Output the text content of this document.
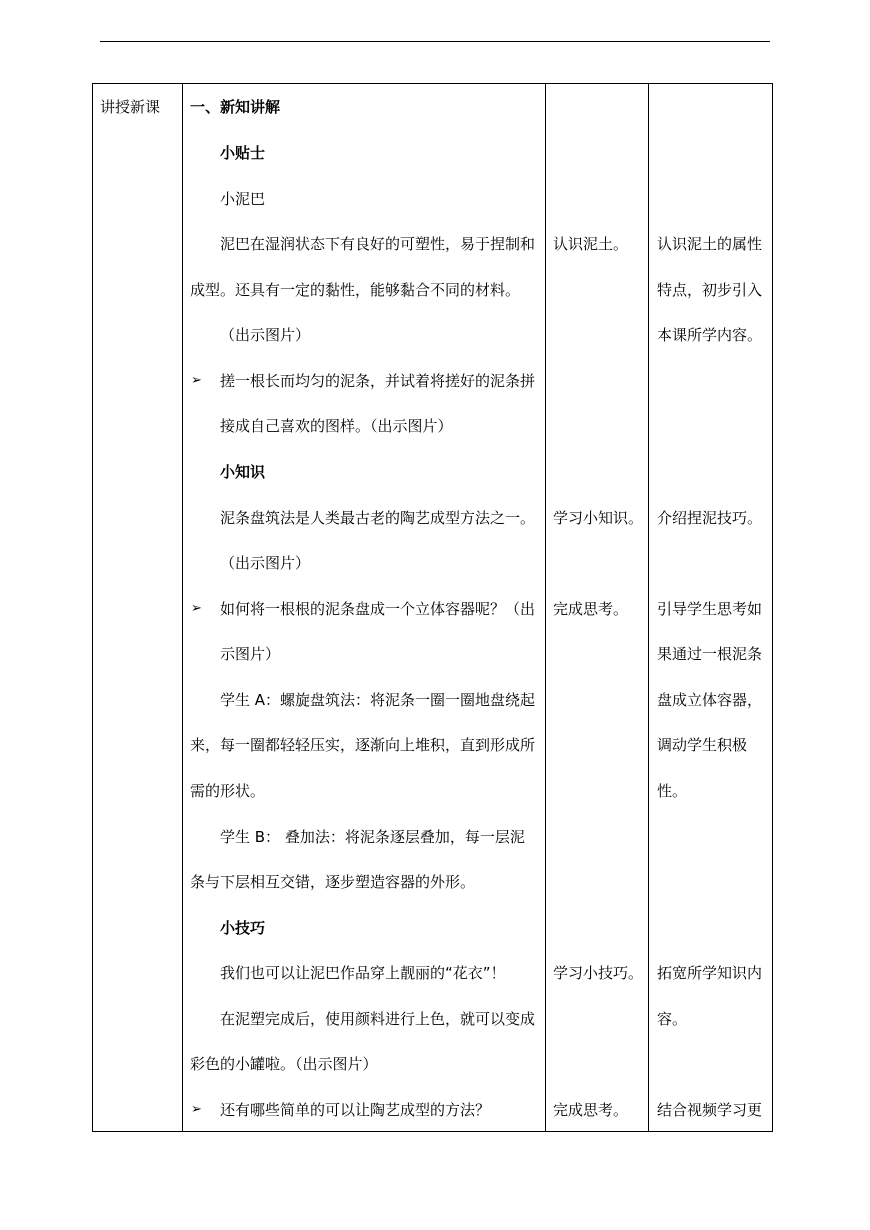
讲授新课 一、新知讲解
小贴士
小泥巴
泥巴在湿润状态下有良好的可塑性，易于捏制和
成型。还具有一定的黏性，能够黏合不同的材料。
（出示图片）
➢ 搓一根长而均匀的泥条，并试着将搓好的泥条拼
接成自己喜欢的图样。（出示图片）
小知识
泥条盘筑法是人类最古老的陶艺成型方法之一。
（出示图片）
➢ 如何将一根根的泥条盘成一个立体容器呢？（出
示图片）
学生 A：螺旋盘筑法：将泥条一圈一圈地盘绕起
来，每一圈都轻轻压实，逐渐向上堆积，直到形成所
需的形状。
学生 B： 叠加法：将泥条逐层叠加，每一层泥
条与下层相互交错，逐步塑造容器的外形。
小技巧
我们也可以让泥巴作品穿上靓丽的“花衣”！
在泥塑完成后，使用颜料进行上色，就可以变成
彩色的小罐啦。（出示图片）
➢ 还有哪些简单的可以让陶艺成型的方法？
认识泥土。
学习小知识。
完成思考。
学习小技巧。
完成思考。
认识泥土的属性
特点，初步引入
本课所学内容。
介绍捏泥技巧。
引导学生思考如
果通过一根泥条
盘成立体容器，
调动学生积极
性。
拓宽所学知识内
容。
结合视频学习更
